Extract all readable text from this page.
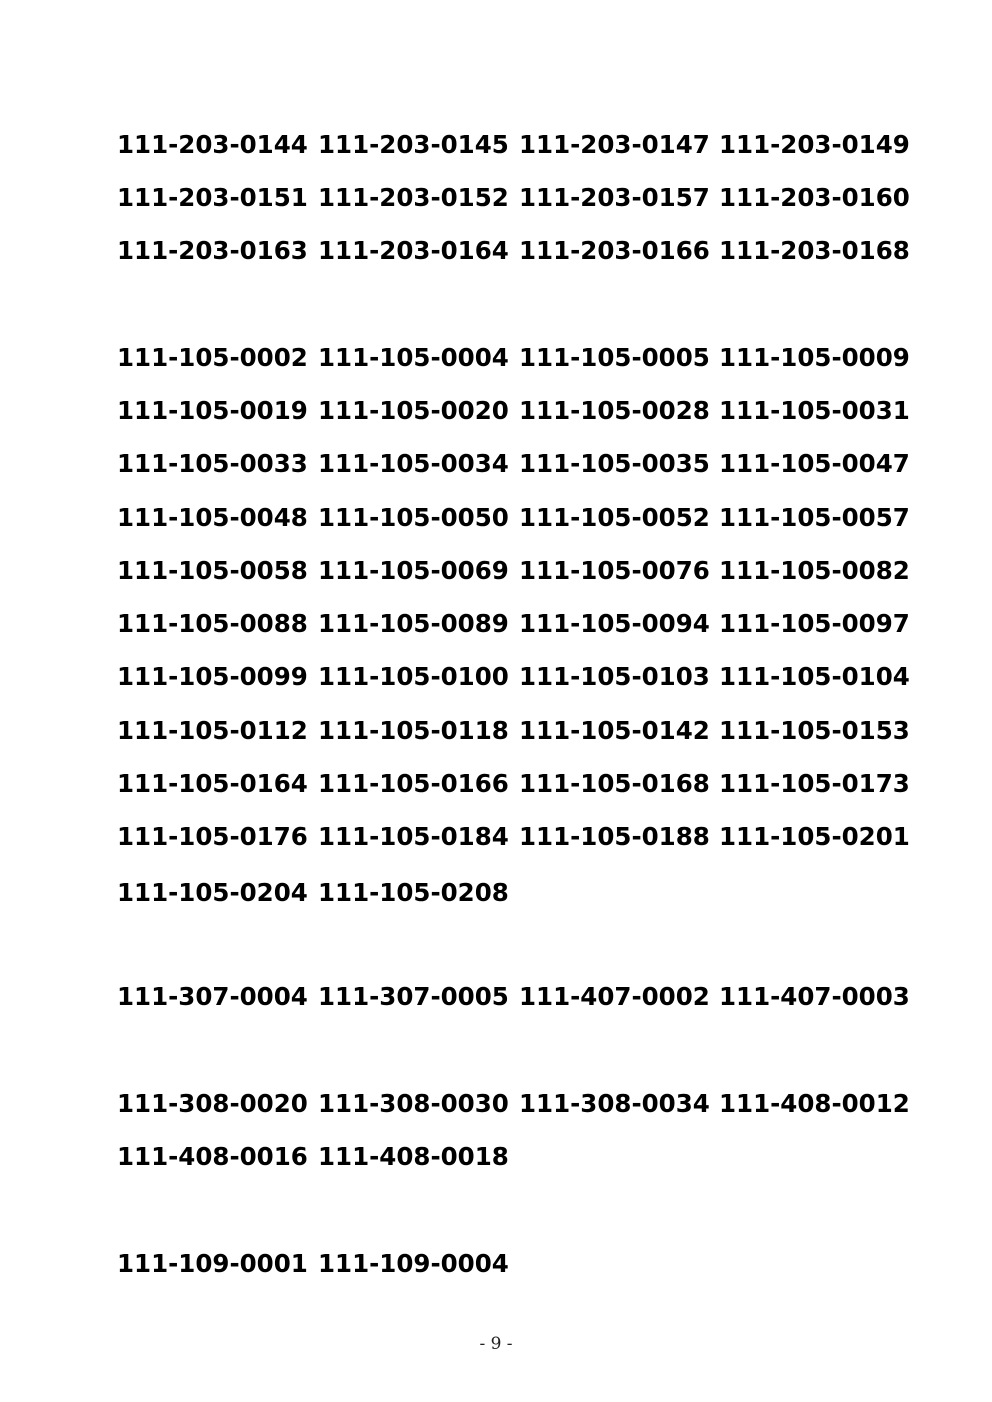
111-203-0144 111-203-0145 111-203-0147 111-203-0149
111-203-0151 111-203-0152 111-203-0157 111-203-0160
111-203-0163 111-203-0164 111-203-0166 111-203-0168
111-105-0002 111-105-0004 111-105-0005 111-105-0009
111-105-0019 111-105-0020 111-105-0028 111-105-0031
111-105-0033 111-105-0034 111-105-0035 111-105-0047
111-105-0048 111-105-0050 111-105-0052 111-105-0057
111-105-0058 111-105-0069 111-105-0076 111-105-0082
111-105-0088 111-105-0089 111-105-0094 111-105-0097
111-105-0099 111-105-0100 111-105-0103 111-105-0104
111-105-0112 111-105-0118 111-105-0142 111-105-0153
111-105-0164 111-105-0166 111-105-0168 111-105-0173
111-105-0176 111-105-0184 111-105-0188 111-105-0201
111-105-0204 111-105-0208
111-307-0004 111-307-0005 111-407-0002 111-407-0003
111-308-0020 111-308-0030 111-308-0034 111-408-0012
111-408-0016 111-408-0018
111-109-0001 111-109-0004
- 9 -
